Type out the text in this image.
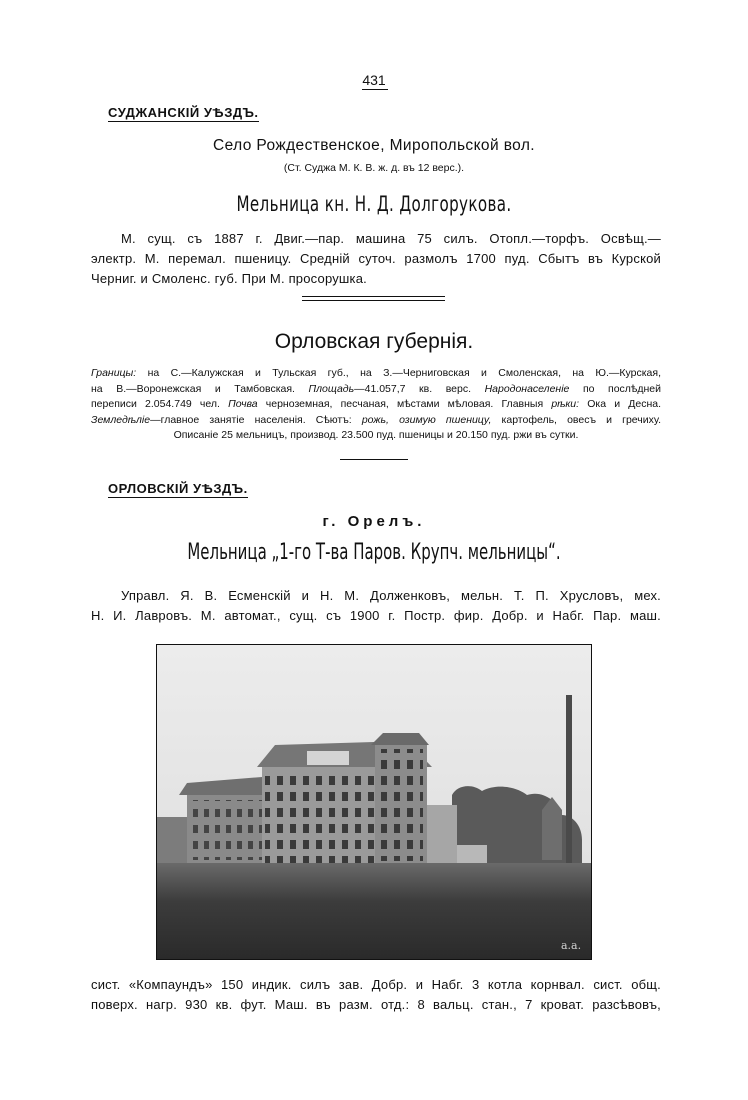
431
СУДЖАНСКІЙ УѢЗДЪ.
Село Рождественское, Миропольской вол.
(Ст. Суджа М. К. В. ж. д. въ 12 верс.).
Мельница кн. Н. Д. Долгорукова.
М. сущ. съ 1887 г. Двиг.—пар. машина 75 силъ. Отопл.—торфъ. Освѣщ.—
электр. М. перемал. пшеницу. Средній суточ. размолъ 1700 пуд. Сбытъ въ Курской
Черниг. и Смоленс. губ. При М. просорушка.
Орловская губернія.
Границы: на С.—Калужская и Тульская губ., на З.—Черниговская и Смоленская, на Ю.—Курская,
на В.—Воронежская и Тамбовская. Площадь—41.057,7 кв. верс. Народонаселеніе по послѣдней
переписи 2.054.749 чел. Почва черноземная, песчаная, мѣстами мѣловая. Главныя рѣки: Ока и Десна.
Земледѣліе—главное занятіе населенія. Сѣютъ: рожь, озимую пшеницу, картофель, овесъ и гречиху.
Описаніе 25 мельницъ, производ. 23.500 пуд. пшеницы и 20.150 пуд. ржи въ сутки.
ОРЛОВСКІЙ УѢЗДЪ.
г. Орелъ.
Мельница „1-го Т-ва Паров. Крупч. мельницы“.
Управл. Я. В. Есменскій и Н. М. Долженковъ, мельн. Т. П. Хрусловъ, мех.
Н. И. Лавровъ. М. автомат., сущ. съ 1900 г. Постр. фир. Добр. и Набг. Пар. маш.
а.а.
сист. «Компаундъ» 150 индик. силъ зав. Добр. и Набг. 3 котла корнвал. сист. общ.
поверх. нагр. 930 кв. фут. Маш. въ разм. отд.: 8 вальц. стан., 7 кроват. разсѣвовъ,
